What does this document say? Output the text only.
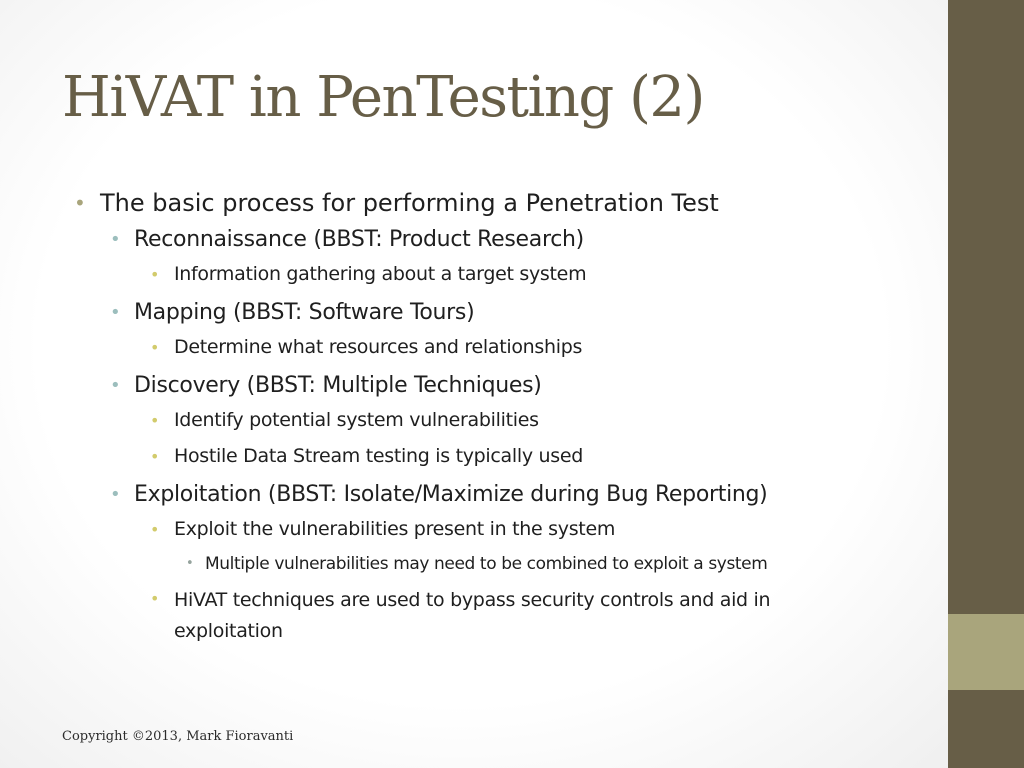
HiVAT in PenTesting (2)
• The basic process for performing a Penetration Test
• Reconnaissance (BBST: Product Research)
• Information gathering about a target system
• Mapping (BBST: Software Tours)
• Determine what resources and relationships
• Discovery (BBST: Multiple Techniques)
• Identify potential system vulnerabilities
• Hostile Data Stream testing is typically used
• Exploitation (BBST: Isolate/Maximize during Bug Reporting)
• Exploit the vulnerabilities present in the system
• Multiple vulnerabilities may need to be combined to exploit a system
• HiVAT techniques are used to bypass security controls and aid in exploitation
Copyright ©2013, Mark Fioravanti
